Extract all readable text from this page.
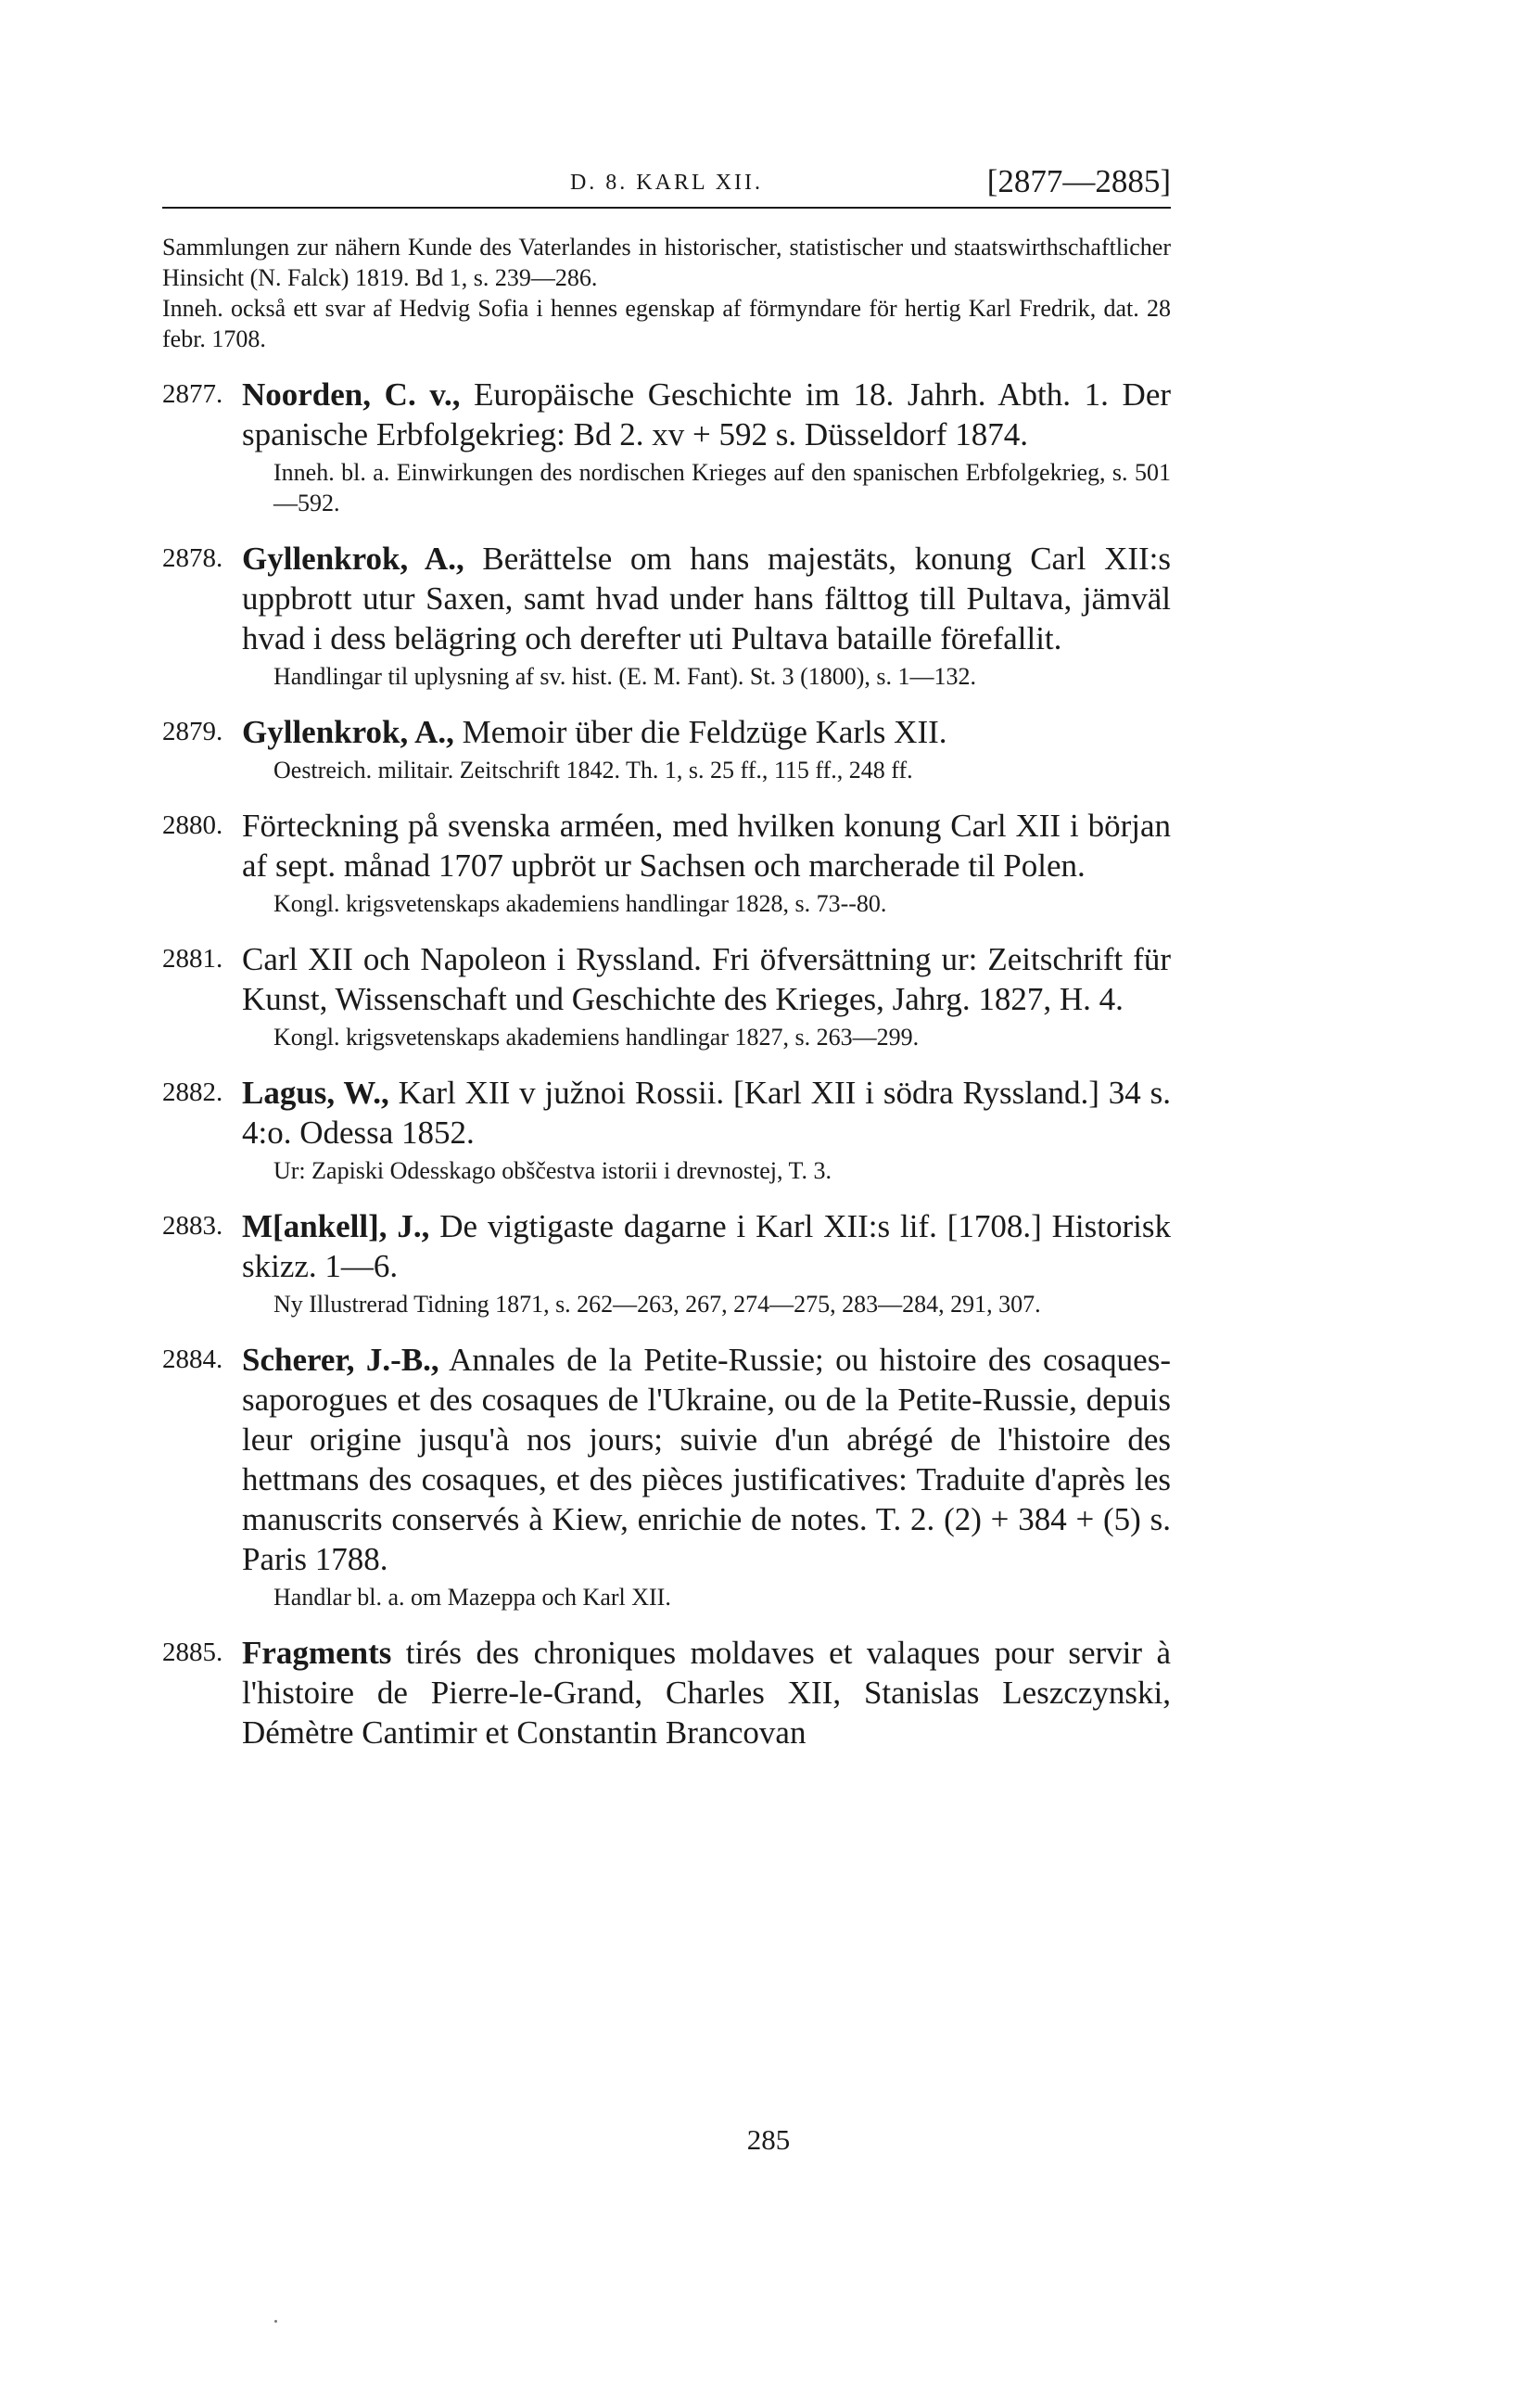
D. 8. KARL XII.	[2877—2885]
Sammlungen zur nähern Kunde des Vaterlandes in historischer, statistischer und staatswirthschaftlicher Hinsicht (N. Falck) 1819. Bd 1, s. 239—286.
Inneh. också ett svar af Hedvig Sofia i hennes egenskap af förmyndare för hertig Karl Fredrik, dat. 28 febr. 1708.
2877. Noorden, C. v., Europäische Geschichte im 18. Jahrh. Abth. 1. Der spanische Erbfolgekrieg: Bd 2. xv + 592 s. Düsseldorf 1874.
Inneh. bl. a. Einwirkungen des nordischen Krieges auf den spanischen Erbfolgekrieg, s. 501—592.
2878. Gyllenkrok, A., Berättelse om hans majestäts, konung Carl XII:s uppbrott utur Saxen, samt hvad under hans fälttog till Pultava, jämväl hvad i dess belägring och derefter uti Pultava bataille förefallit.
Handlingar til uplysning af sv. hist. (E. M. Fant). St. 3 (1800), s. 1—132.
2879. Gyllenkrok, A., Memoir über die Feldzüge Karls XII.
Oestreich. militair. Zeitschrift 1842. Th. 1, s. 25 ff., 115 ff., 248 ff.
2880. Förteckning på svenska arméen, med hvilken konung Carl XII i början af sept. månad 1707 upbröt ur Sachsen och marcherade til Polen.
Kongl. krigsvetenskaps akademiens handlingar 1828, s. 73--80.
2881. Carl XII och Napoleon i Ryssland. Fri öfversättning ur: Zeitschrift für Kunst, Wissenschaft und Geschichte des Krieges, Jahrg. 1827, H. 4.
Kongl. krigsvetenskaps akademiens handlingar 1827, s. 263—299.
2882. Lagus, W., Karl XII v južnoi Rossii. [Karl XII i södra Ryssland.] 34 s. 4:o. Odessa 1852.
Ur: Zapiski Odesskago obščestva istorii i drevnostej, T. 3.
2883. M[ankell], J., De vigtigaste dagarne i Karl XII:s lif. [1708.] Historisk skizz. 1—6.
Ny Illustrerad Tidning 1871, s. 262—263, 267, 274—275, 283—284, 291, 307.
2884. Scherer, J.-B., Annales de la Petite-Russie; ou histoire des cosaques-saporogues et des cosaques de l'Ukraine, ou de la Petite-Russie, depuis leur origine jusqu'à nos jours; suivie d'un abrégé de l'histoire des hettmans des cosaques, et des pièces justificatives: Traduite d'après les manuscrits conservés à Kiew, enrichie de notes. T. 2. (2) + 384 + (5) s. Paris 1788.
Handlar bl. a. om Mazeppa och Karl XII.
2885. Fragments tirés des chroniques moldaves et valaques pour servir à l'histoire de Pierre-le-Grand, Charles XII, Stanislas Leszczynski, Démètre Cantimir et Constantin Brancovan
285
